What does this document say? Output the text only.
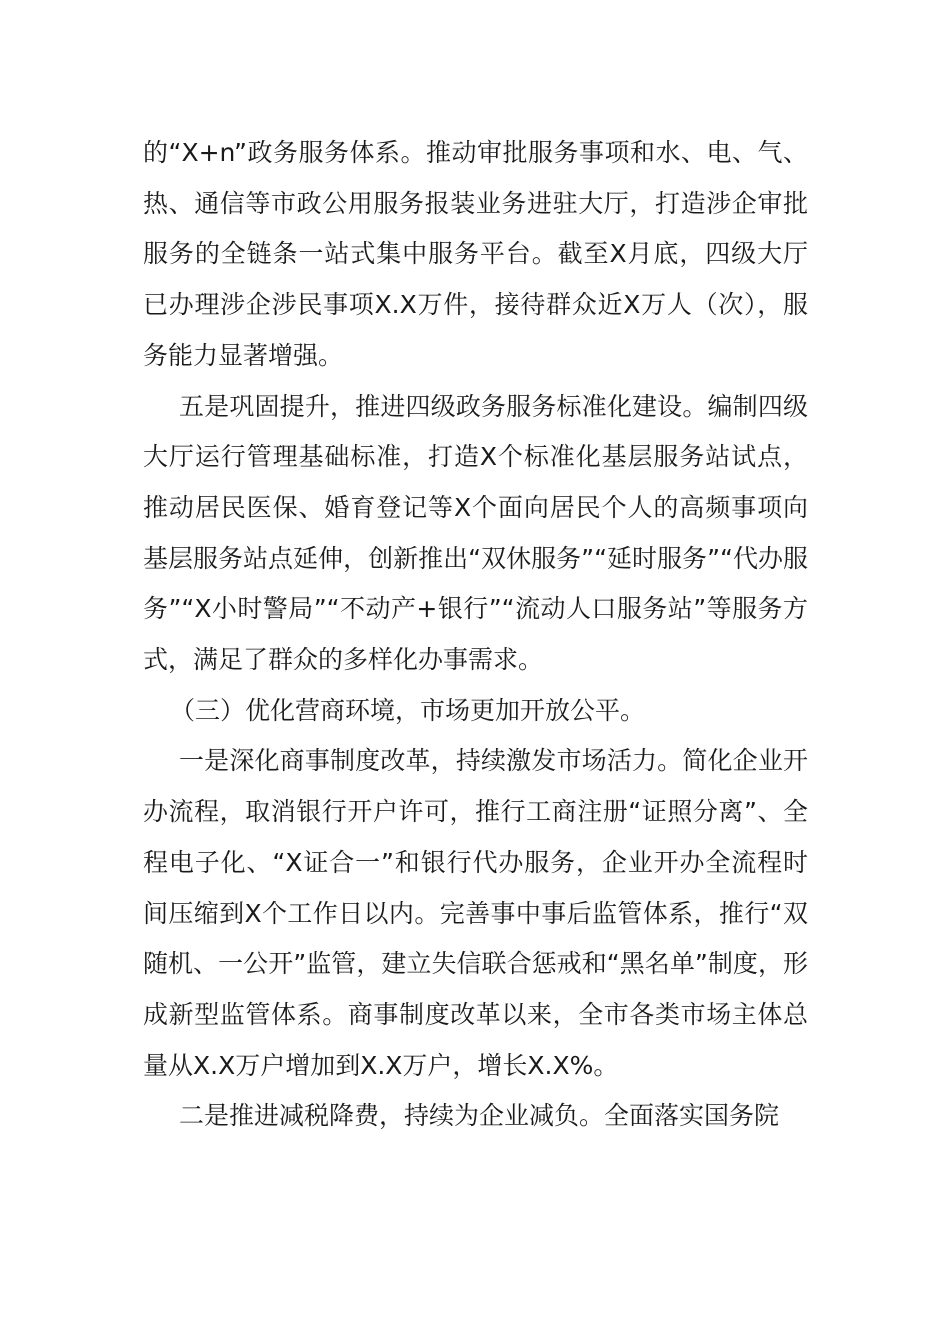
的“X+n”政务服务体系。推动审批服务事项和水、电、气、热、通信等市政公用服务报装业务进驻大厅，打造涉企审批服务的全链条一站式集中服务平台。截至X月底，四级大厅已办理涉企涉民事项X.X万件，接待群众近X万人（次），服务能力显著增强。

五是巩固提升，推进四级政务服务标准化建设。编制四级大厅运行管理基础标准，打造X个标准化基层服务站试点，推动居民医保、婚育登记等X个面向居民个人的高频事项向基层服务站点延伸，创新推出“双休服务”“延时服务”“代办服务”“X小时警局”“不动产+银行”“流动人口服务站”等服务方式，满足了群众的多样化办事需求。

（三）优化营商环境，市场更加开放公平。

一是深化商事制度改革，持续激发市场活力。简化企业开办流程，取消银行开户许可，推行工商注册“证照分离”、全程电子化、“X证合一”和银行代办服务，企业开办全流程时间压缩到X个工作日以内。完善事中事后监管体系，推行“双随机、一公开”监管，建立失信联合惩戒和“黑名单”制度，形成新型监管体系。商事制度改革以来，全市各类市场主体总量从X.X万户增加到X.X万户，增长X.X%。

二是推进减税降费，持续为企业减负。全面落实国务院
